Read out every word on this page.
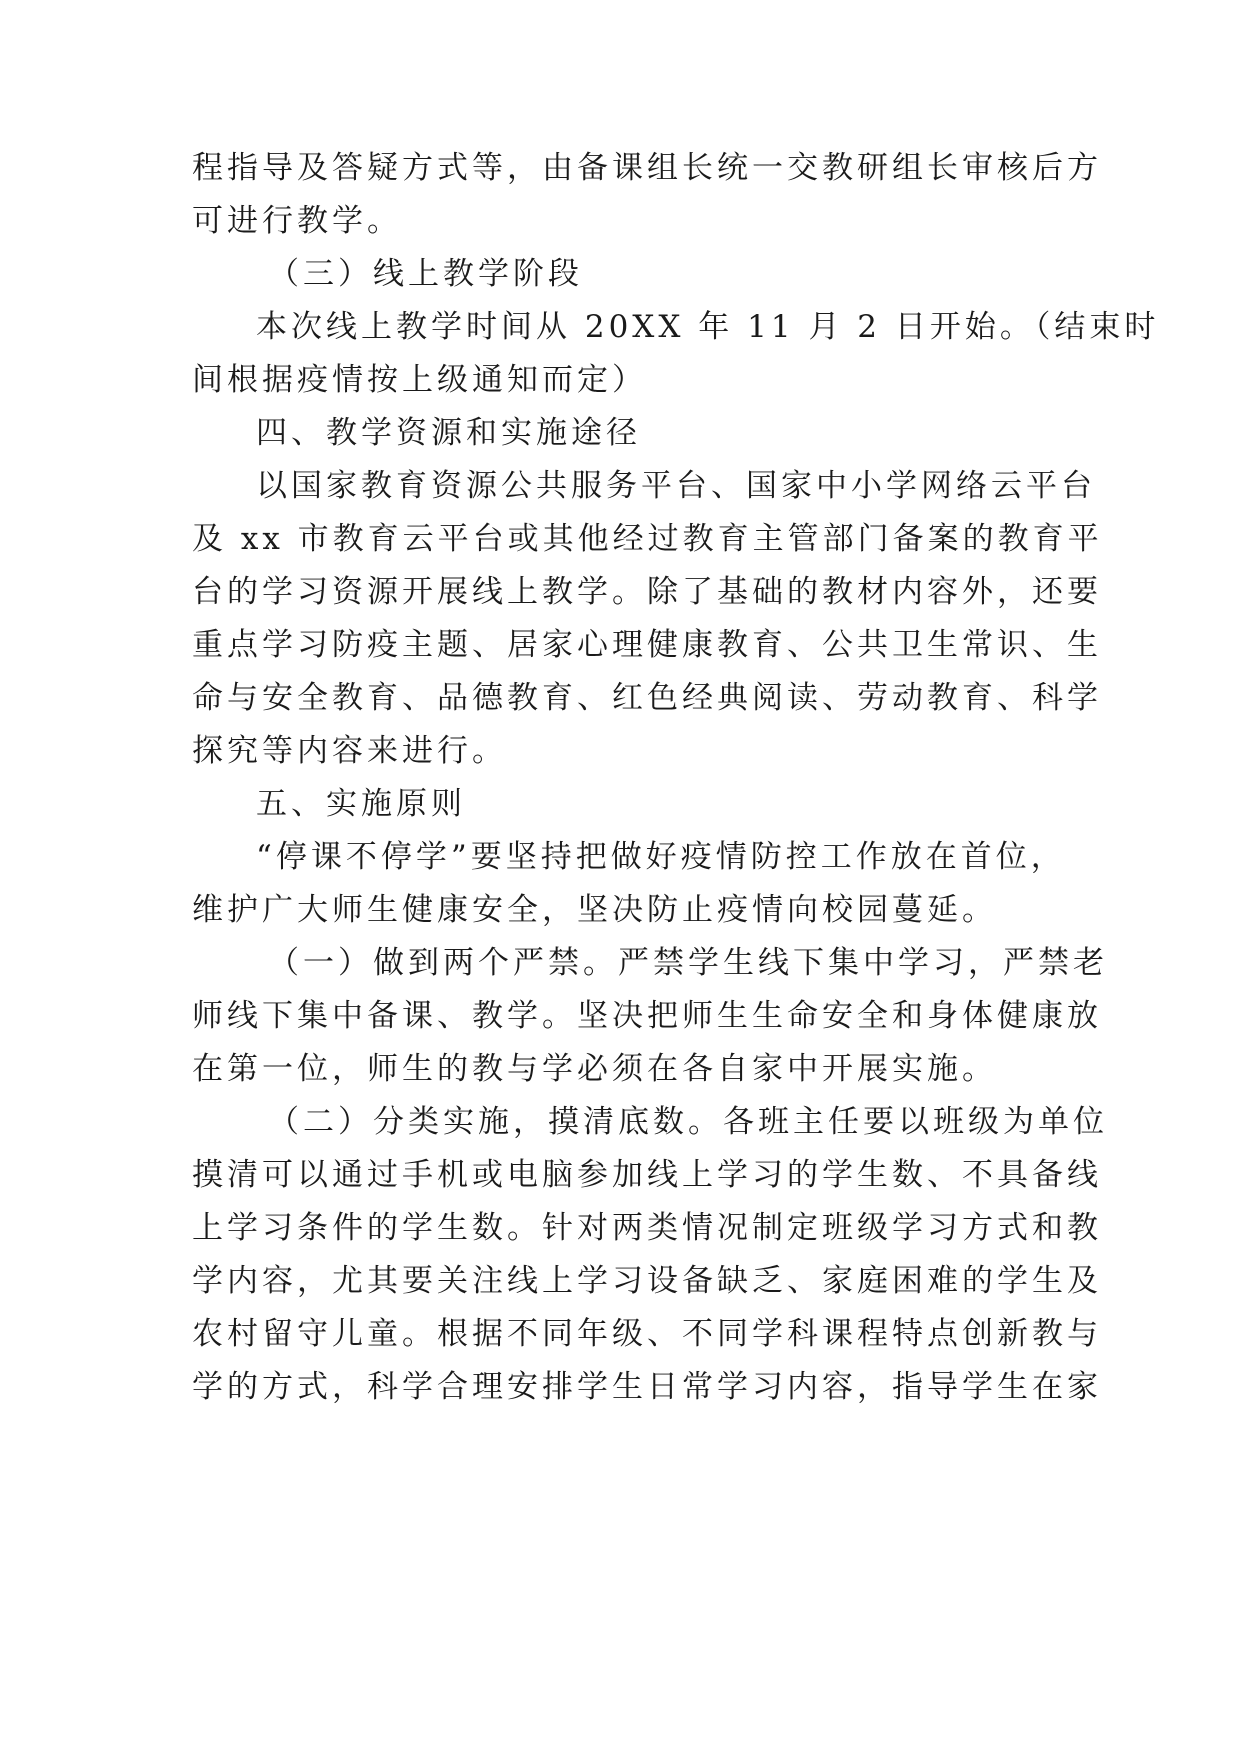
程指导及答疑方式等，由备课组长统一交教研组长审核后方
可进行教学。
（三）线上教学阶段
本次线上教学时间从 20XX 年 11 月 2 日开始。（结束时
间根据疫情按上级通知而定）
四、教学资源和实施途径
以国家教育资源公共服务平台、国家中小学网络云平台
及 xx 市教育云平台或其他经过教育主管部门备案的教育平
台的学习资源开展线上教学。除了基础的教材内容外，还要
重点学习防疫主题、居家心理健康教育、公共卫生常识、生
命与安全教育、品德教育、红色经典阅读、劳动教育、科学
探究等内容来进行。
五、实施原则
“停课不停学”要坚持把做好疫情防控工作放在首位，
维护广大师生健康安全，坚决防止疫情向校园蔓延。
（一）做到两个严禁。严禁学生线下集中学习，严禁老
师线下集中备课、教学。坚决把师生生命安全和身体健康放
在第一位，师生的教与学必须在各自家中开展实施。
（二）分类实施，摸清底数。各班主任要以班级为单位
摸清可以通过手机或电脑参加线上学习的学生数、不具备线
上学习条件的学生数。针对两类情况制定班级学习方式和教
学内容，尤其要关注线上学习设备缺乏、家庭困难的学生及
农村留守儿童。根据不同年级、不同学科课程特点创新教与
学的方式，科学合理安排学生日常学习内容，指导学生在家
